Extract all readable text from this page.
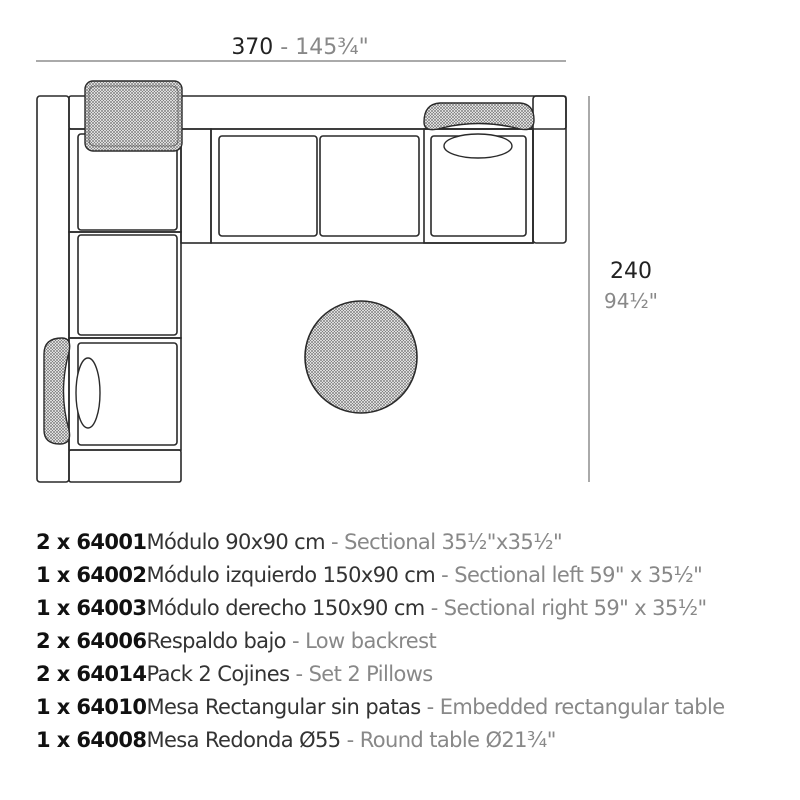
370 - 145¾"
240
94½"
2 x 64001Módulo 90x90 cm - Sectional 35½"x35½"
1 x 64002Módulo izquierdo 150x90 cm - Sectional left 59" x 35½"
1 x 64003Módulo derecho 150x90 cm - Sectional right 59" x 35½"
2 x 64006Respaldo bajo - Low backrest
2 x 64014Pack 2 Cojines - Set 2 Pillows
1 x 64010Mesa Rectangular sin patas - Embedded rectangular table
1 x 64008Mesa Redonda Ø55 - Round table Ø21¾"
